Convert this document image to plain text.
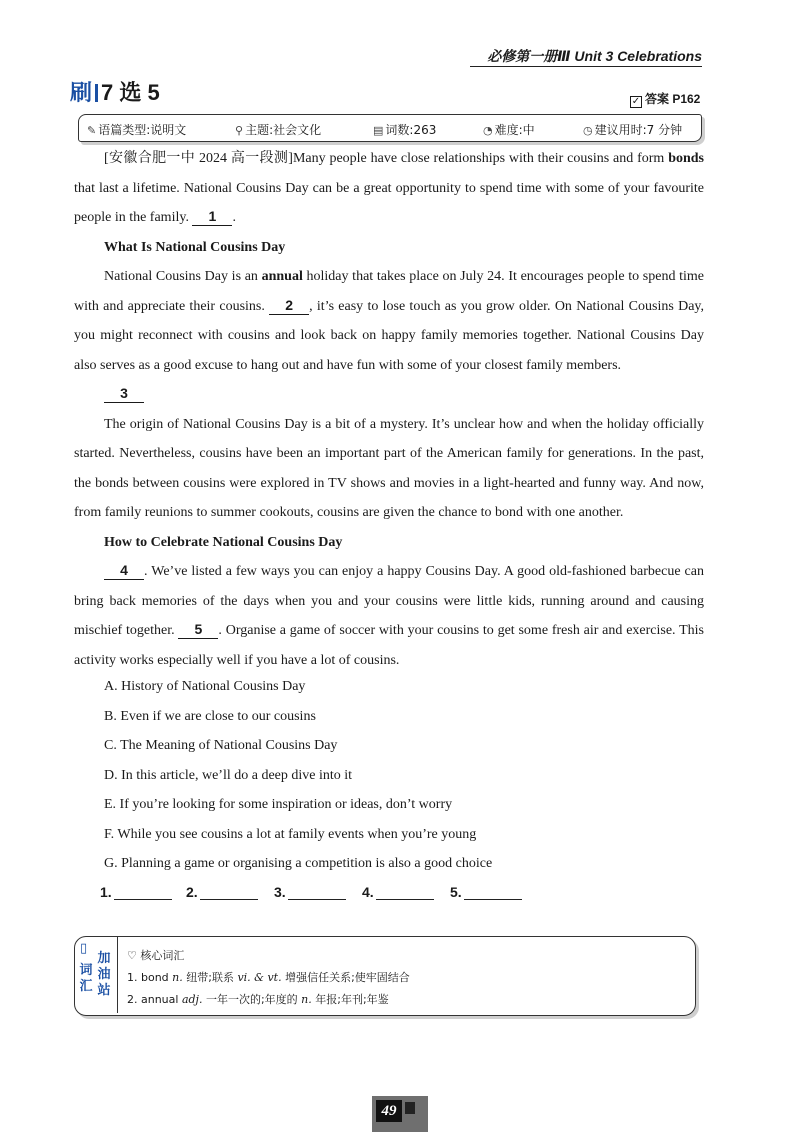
必修第一册Ⅲ Unit 3 Celebrations
刷 7 选 5	✓ 答案 P162
✎ 语篇类型:说明文	⚲ 主题:社会文化	▤ 词数:263	◔ 难度:中	◷ 建议用时:7 分钟

[安徽合肥一中 2024 高一段测]Many people have close relationships with their cousins and form bonds that last a lifetime. National Cousins Day can be a great opportunity to spend time with some of your favourite people in the family. 1 .

What Is National Cousins Day

National Cousins Day is an annual holiday that takes place on July 24. It encourages people to spend time with and appreciate their cousins. 2 , it’s easy to lose touch as you grow older. On National Cousins Day, you might reconnect with cousins and look back on happy family memories together. National Cousins Day also serves as a good excuse to hang out and have fun with some of your closest family members.

3

The origin of National Cousins Day is a bit of a mystery. It’s unclear how and when the holiday officially started. Nevertheless, cousins have been an important part of the American family for generations. In the past, the bonds between cousins were explored in TV shows and movies in a light-hearted and funny way. And now, from family reunions to summer cookouts, cousins are given the chance to bond with one another.

How to Celebrate National Cousins Day

4 . We’ve listed a few ways you can enjoy a happy Cousins Day. A good old-fashioned barbecue can bring back memories of the days when you and your cousins were little kids, running around and causing mischief together. 5 . Organise a game of soccer with your cousins to get some fresh air and exercise. This activity works especially well if you have a lot of cousins.

A. History of National Cousins Day

B. Even if we are close to our cousins

C. The Meaning of National Cousins Day

D. In this article, we’ll do a deep dive into it

E. If you’re looking for some inspiration or ideas, don’t worry

F. While you see cousins a lot at family events when you’re young

G. Planning a game or organising a competition is also a good choice

1.	2.	3.	4.	5.
▯
词汇
加油站
♡ 核心词汇
1. bond n. 纽带;联系 vi. & vt. 增强信任关系;使牢固结合
2. annual adj. 一年一次的;年度的 n. 年报;年刊;年鉴
49
